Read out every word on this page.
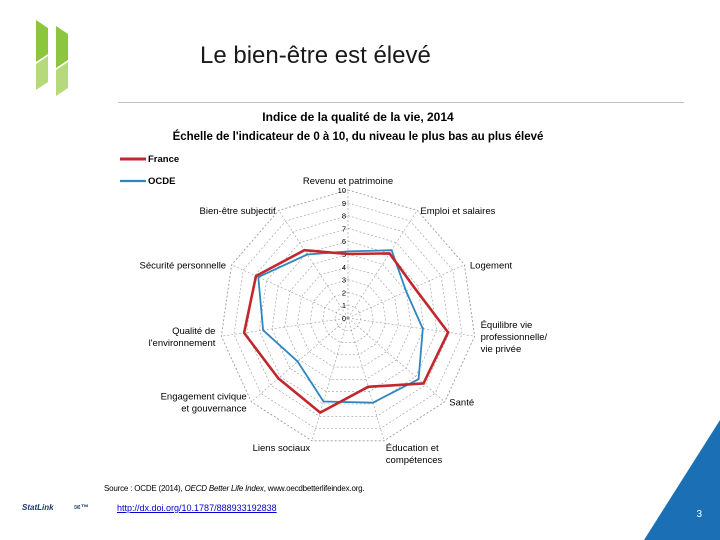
Le bien-être est élevé
Indice de la qualité de la vie, 2014
Échelle de l'indicateur de 0 à 10, du niveau le plus bas au plus élevé
0
1
2
3
4
5
6
7
8
9
10
Revenu et patrimoine
Emploi et salaires
Logement
Équilibre vie professionnelle/ vie privée
Santé
Éducation et compétences
Liens sociaux
Engagement civique et gouvernance
Qualité de l'environnement
Sécurité personnelle
Bien-être subjectif
France
OCDE
Source : OCDE (2014), OECD Better Life Index, www.oecdbetterlifeindex.org.
StatLink	✉™	http://dx.doi.org/10.1787/888933192838
3
